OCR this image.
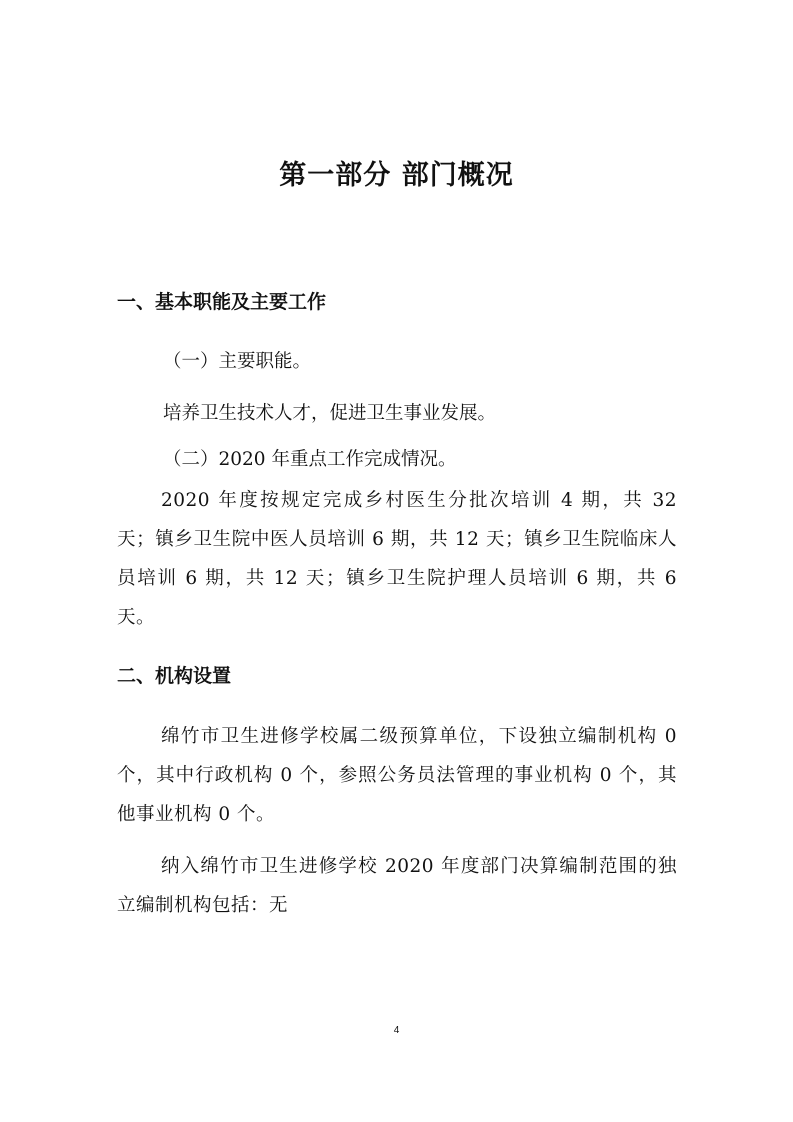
第一部分 部门概况
一、基本职能及主要工作

（一）主要职能。

培养卫生技术人才，促进卫生事业发展。

（二）2020 年重点工作完成情况。

2020 年度按规定完成乡村医生分批次培训 4 期，共 32 天；镇乡卫生院中医人员培训 6 期，共 12 天；镇乡卫生院临床人员培训 6 期，共 12 天；镇乡卫生院护理人员培训 6 期，共 6 天。

二、机构设置

绵竹市卫生进修学校属二级预算单位，下设独立编制机构 0 个，其中行政机构 0 个，参照公务员法管理的事业机构 0 个，其他事业机构 0 个。

纳入绵竹市卫生进修学校 2020 年度部门决算编制范围的独立编制机构包括：无

4
